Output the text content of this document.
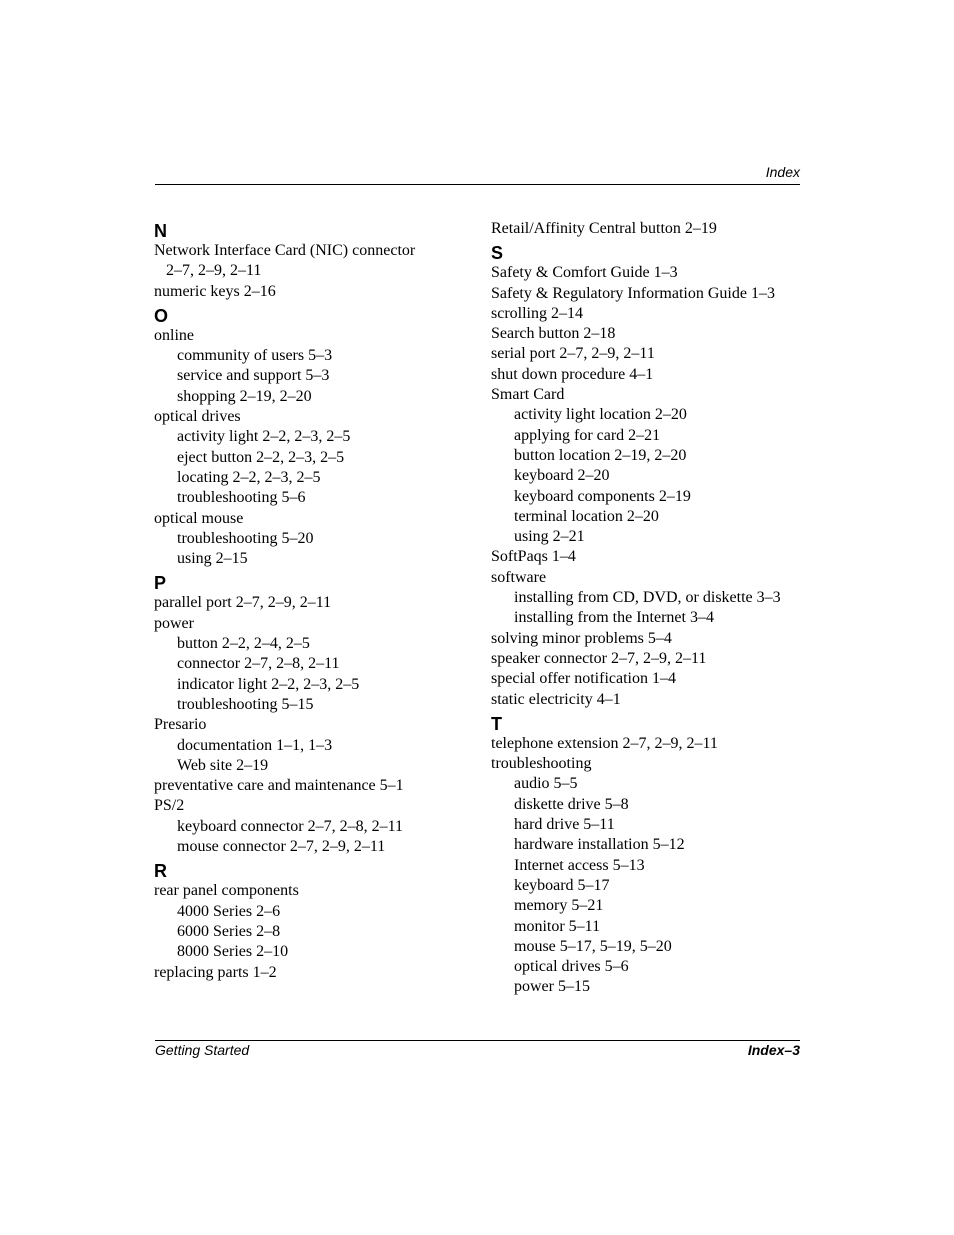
Index
N
Network Interface Card (NIC) connector
2–7, 2–9, 2–11
numeric keys 2–16
O
online
community of users 5–3
service and support 5–3
shopping 2–19, 2–20
optical drives
activity light 2–2, 2–3, 2–5
eject button 2–2, 2–3, 2–5
locating 2–2, 2–3, 2–5
troubleshooting 5–6
optical mouse
troubleshooting 5–20
using 2–15
P
parallel port 2–7, 2–9, 2–11
power
button 2–2, 2–4, 2–5
connector 2–7, 2–8, 2–11
indicator light 2–2, 2–3, 2–5
troubleshooting 5–15
Presario
documentation 1–1, 1–3
Web site 2–19
preventative care and maintenance 5–1
PS/2
keyboard connector 2–7, 2–8, 2–11
mouse connector 2–7, 2–9, 2–11
R
rear panel components
4000 Series 2–6
6000 Series 2–8
8000 Series 2–10
replacing parts 1–2
Retail/Affinity Central button 2–19
S
Safety & Comfort Guide 1–3
Safety & Regulatory Information Guide 1–3
scrolling 2–14
Search button 2–18
serial port 2–7, 2–9, 2–11
shut down procedure 4–1
Smart Card
activity light location 2–20
applying for card 2–21
button location 2–19, 2–20
keyboard 2–20
keyboard components 2–19
terminal location 2–20
using 2–21
SoftPaqs 1–4
software
installing from CD, DVD, or diskette 3–3
installing from the Internet 3–4
solving minor problems 5–4
speaker connector 2–7, 2–9, 2–11
special offer notification 1–4
static electricity 4–1
T
telephone extension 2–7, 2–9, 2–11
troubleshooting
audio 5–5
diskette drive 5–8
hard drive 5–11
hardware installation 5–12
Internet access 5–13
keyboard 5–17
memory 5–21
monitor 5–11
mouse 5–17, 5–19, 5–20
optical drives 5–6
power 5–15
Getting Started	Index–3
